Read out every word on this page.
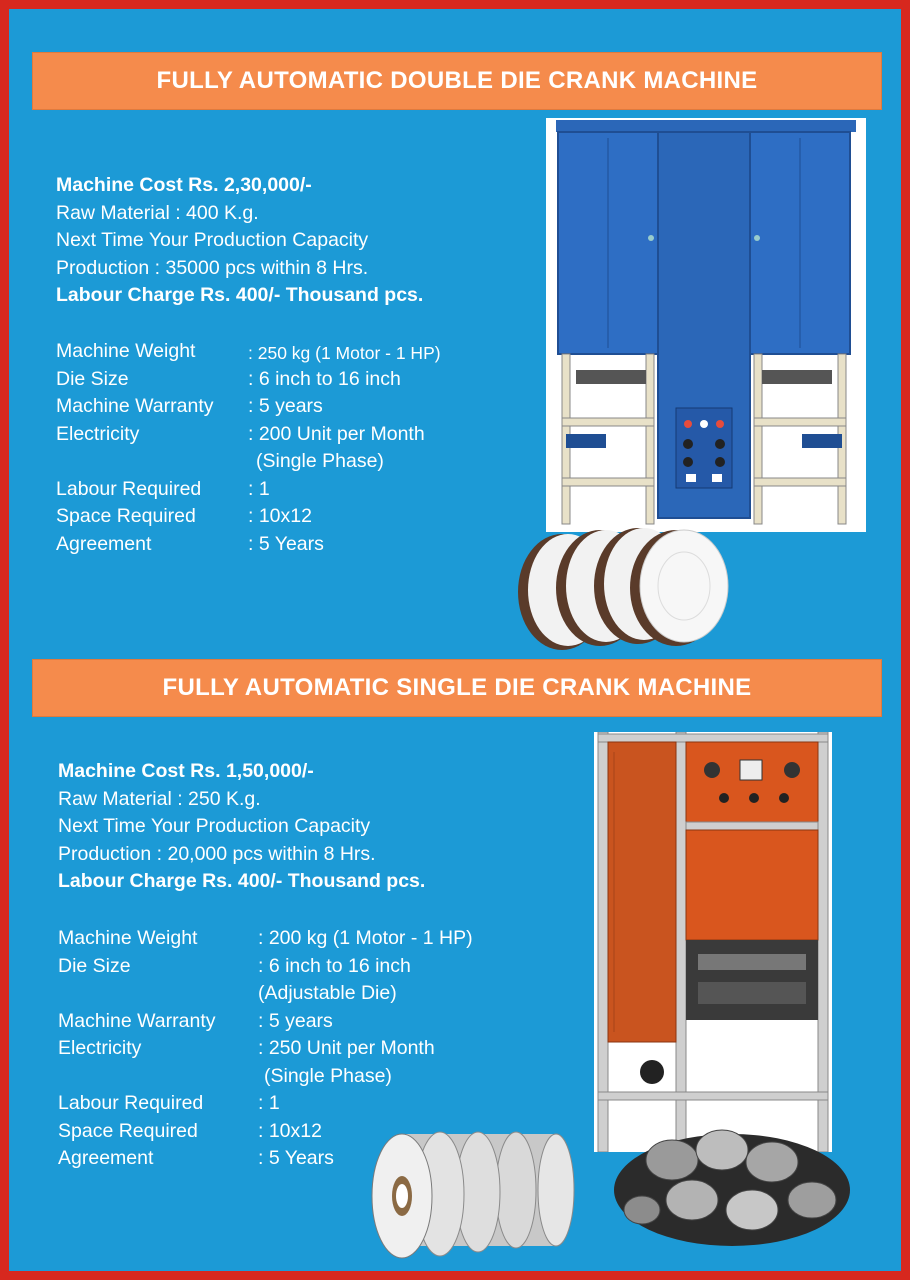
FULLY AUTOMATIC DOUBLE DIE CRANK MACHINE
Machine Cost Rs. 2,30,000/-
Raw Material : 400 K.g.
Next Time Your Production Capacity
Production : 35000 pcs within 8 Hrs.
Labour Charge Rs. 400/- Thousand pcs.
Machine Weight	: 250 kg (1 Motor - 1 HP)
Die Size	: 6 inch to 16 inch
Machine Warranty : 5 years
Electricity	: 200 Unit per Month
(Single Phase)
Labour Required : 1
Space Required	: 10x12
Agreement	: 5 Years
FULLY AUTOMATIC SINGLE DIE CRANK MACHINE
Machine Cost Rs. 1,50,000/-
Raw Material : 250 K.g.
Next Time Your Production Capacity
Production : 20,000 pcs within 8 Hrs.
Labour Charge Rs. 400/- Thousand pcs.
Machine Weight	: 200 kg (1 Motor - 1 HP)
Die Size	: 6 inch to 16 inch
(Adjustable Die)
Machine Warranty : 5 years
Electricity	: 250 Unit per Month
(Single Phase)
Labour Required	: 1
Space Required	: 10x12
Agreement	: 5 Years
